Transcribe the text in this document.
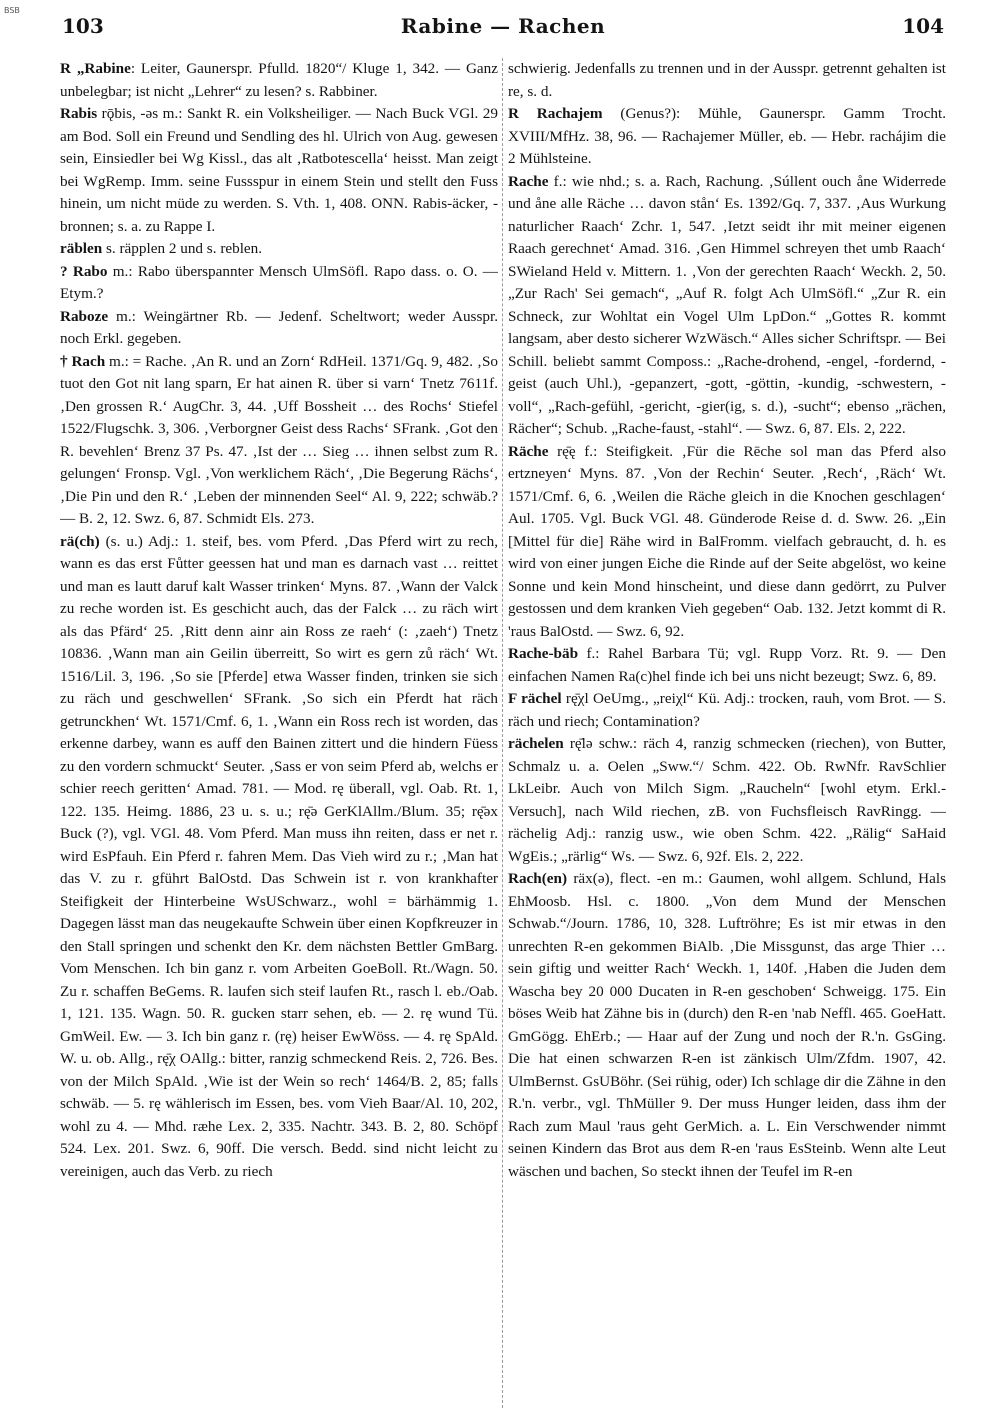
BSB
103	Rabine — Rachen	104

R „Rabine: Leiter, Gaunerspr. Pfulld. 1820“/ Kluge 1, 342. — Ganz unbelegbar; ist nicht „Lehrer“ zu lesen? s. Rabbiner.

Rabis rǭbis, -əs m.: Sankt R. ein Volksheiliger. — Nach Buck VGl. 29 am Bod. Soll ein Freund und Sendling des hl. Ulrich von Aug. gewesen sein, Einsiedler bei Wg Kissl., das alt ‚Ratbotescella‘ heisst. Man zeigt bei WgRemp. Imm. seine Fussspur in einem Stein und stellt den Fuss hinein, um nicht müde zu werden. S. Vth. 1, 408. ONN. Rabis-äcker, -bronnen; s. a. zu Rappe I.

räblen s. räpplen 2 und s. reblen.

? Rabo m.: Rabo überspannter Mensch UlmSöfl. Rapo dass. o. O. — Etym.?

Raboze m.: Weingärtner Rb. — Jedenf. Scheltwort; weder Ausspr. noch Erkl. gegeben.

† Rach m.: = Rache. ‚An R. und an Zorn‘ RdHeil. 1371/Gq. 9, 482. ‚So tuot den Got nit lang sparn, Er hat ainen R. über si varn‘ Tnetz 7611f. ‚Den grossen R.‘ AugChr. 3, 44. ‚Uff Bossheit … des Rochs‘ Stiefel 1522/Flugschk. 3, 306. ‚Verborgner Geist dess Rachs‘ SFrank. ‚Got den R. bevehlen‘ Brenz 37 Ps. 47. ‚Ist der … Sieg … ihnen selbst zum R. gelungen‘ Fronsp. Vgl. ‚Von werklichem Räch‘, ‚Die Begerung Rächs‘, ‚Die Pin und den R.‘ ‚Leben der minnenden Seel“ Al. 9, 222; schwäb.? — B. 2, 12. Swz. 6, 87. Schmidt Els. 273.

rä(ch) (s. u.) Adj.: 1. steif, bes. vom Pferd. ‚Das Pferd wirt zu rech, wann es das erst Fůtter geessen hat und man es darnach vast … reittet und man es lautt daruf kalt Wasser trinken‘ Myns. 87. ‚Wann der Valck zu reche worden ist. Es geschicht auch, das der Falck … zu räch wirt als das Pfärd‘ 25. ‚Ritt denn ainr ain Ross ze raeh‘ (: ‚zaeh‘) Tnetz 10836. ‚Wann man ain Geilin überreitt, So wirt es gern zů räch‘ Wt. 1516/Lil. 3, 196. ‚So sie [Pferde] etwa Wasser finden, trinken sie sich zu räch und geschwellen‘ SFrank. ‚So sich ein Pferdt hat räch getrunckhen‘ Wt. 1571/Cmf. 6, 1. ‚Wann ein Ross rech ist worden, das erkenne darbey, wann es auff den Bainen zittert und die hindern Füess zu den vordern schmuckt‘ Seuter. ‚Sass er von seim Pferd ab, welchs er schier reech geritten‘ Amad. 781. — Mod. rę überall, vgl. Oab. Rt. 1, 122. 135. Heimg. 1886, 23 u. s. u.; rę̄ə GerKlAllm./Blum. 35; rę̄əx Buck (?), vgl. VGl. 48. Vom Pferd. Man muss ihn reiten, dass er net r. wird EsPfauh. Ein Pferd r. fahren Mem. Das Vieh wird zu r.; ‚Man hat das V. zu r. gführt BalOstd. Das Schwein ist r. von krankhafter Steifigkeit der Hinterbeine WsUSchwarz., wohl = bärhämmig 1. Dagegen lässt man das neugekaufte Schwein über einen Kopfkreuzer in den Stall springen und schenkt den Kr. dem nächsten Bettler GmBarg. Vom Menschen. Ich bin ganz r. vom Arbeiten GoeBoll. Rt./Wagn. 50. Zu r. schaffen BeGems. R. laufen sich steif laufen Rt., rasch l. eb./Oab. 1, 121. 135. Wagn. 50. R. gucken starr sehen, eb. — 2. rę wund Tü. GmWeil. Ew. — 3. Ich bin ganz r. (rę) heiser EwWöss. — 4. rę SpAld. W. u. ob. Allg., rę̄χ OAllg.: bitter, ranzig schmeckend Reis. 2, 726. Bes. von der Milch SpAld. ‚Wie ist der Wein so rech‘ 1464/B. 2, 85; falls schwäb. — 5. rę wählerisch im Essen, bes. vom Vieh Baar/Al. 10, 202, wohl zu 4. — Mhd. ræhe Lex. 2, 335. Nachtr. 343. B. 2, 80. Schöpf 524. Lex. 201. Swz. 6, 90ff. Die versch. Bedd. sind nicht leicht zu vereinigen, auch das Verb. zu riech

schwierig. Jedenfalls zu trennen und in der Ausspr. getrennt gehalten ist re, s. d.

R Rachajem (Genus?): Mühle, Gaunerspr. Gamm Trocht. XVIII/MfHz. 38, 96. — Rachajemer Müller, eb. — Hebr. rachájim die 2 Mühlsteine.

Rache f.: wie nhd.; s. a. Rach, Rachung. ‚Súllent ouch åne Widerrede und åne alle Räche … davon stån‘ Es. 1392/Gq. 7, 337. ‚Aus Wurkung naturlicher Raach‘ Zchr. 1, 547. ‚Ietzt seidt ihr mit meiner eigenen Raach gerechnet‘ Amad. 316. ‚Gen Himmel schreyen thet umb Raach‘ SWieland Held v. Mittern. 1. ‚Von der gerechten Raach‘ Weckh. 2, 50. „Zur Rach' Sei gemach“, „Auf R. folgt Ach UlmSöfl.“ „Zur R. ein Schneck, zur Wohltat ein Vogel Ulm LpDon.“ „Gottes R. kommt langsam, aber desto sicherer WzWäsch.“ Alles sicher Schriftspr. — Bei Schill. beliebt sammt Composs.: „Rache-drohend, -engel, -fordernd, -geist (auch Uhl.), -gepanzert, -gott, -göttin, -kundig, -schwestern, -voll“, „Rach-gefühl, -gericht, -gier(ig, s. d.), -sucht“; ebenso „rächen, Rächer“; Schub. „Rache-faust, -stahl“. — Swz. 6, 87. Els. 2, 222.

Räche rę̄ę f.: Steifigkeit. ‚Für die Rēche sol man das Pferd also ertzneyen‘ Myns. 87. ‚Von der Rechin‘ Seuter. ‚Rech‘, ‚Räch‘ Wt. 1571/Cmf. 6, 6. ‚Weilen die Räche gleich in die Knochen geschlagen‘ Aul. 1705. Vgl. Buck VGl. 48. Günderode Reise d. d. Sww. 26. „Ein [Mittel für die] Rähe wird in BalFromm. vielfach gebraucht, d. h. es wird von einer jungen Eiche die Rinde auf der Seite abgelöst, wo keine Sonne und kein Mond hinscheint, und diese dann gedörrt, zu Pulver gestossen und dem kranken Vieh gegeben“ Oab. 132. Jetzt kommt di R. 'raus BalOstd. — Swz. 6, 92.

Rache-bäb f.: Rahel Barbara Tü; vgl. Rupp Vorz. Rt. 9. — Den einfachen Namen Ra(c)hel finde ich bei uns nicht bezeugt; Swz. 6, 89.

F rächel rę̄χl OeUmg., „reiχl“ Kü. Adj.: trocken, rauh, vom Brot. — S. räch und riech; Contamination?

rächelen rę̄lə schw.: räch 4, ranzig schmecken (riechen), von Butter, Schmalz u. a. Oelen „Sww.“/ Schm. 422. Ob. RwNfr. RavSchlier LkLeibr. Auch von Milch Sigm. „Raucheln“ [wohl etym. Erkl.-Versuch], nach Wild riechen, zB. von Fuchsfleisch RavRingg. — rächelig Adj.: ranzig usw., wie oben Schm. 422. „Rälig“ SaHaid WgEis.; „rärlig“ Ws. — Swz. 6, 92f. Els. 2, 222.

Rach(en) räx(ə), flect. -en m.: Gaumen, wohl allgem. Schlund, Hals EhMoosb. Hsl. c. 1800. „Von dem Mund der Menschen Schwab.“/Journ. 1786, 10, 328. Luftröhre; Es ist mir etwas in den unrechten R-en gekommen BiAlb. ‚Die Missgunst, das arge Thier … sein giftig und weitter Rach‘ Weckh. 1, 140f. ‚Haben die Juden dem Wascha bey 20 000 Ducaten in R-en geschoben‘ Schweigg. 175. Ein böses Weib hat Zähne bis in (durch) den R-en 'nab Neffl. 465. GoeHatt. GmGögg. EhErb.; — Haar auf der Zung und noch der R.'n. GsGing. Die hat einen schwarzen R-en ist zänkisch Ulm/Zfdm. 1907, 42. UlmBernst. GsUBöhr. (Sei rühig, oder) Ich schlage dir die Zähne in den R.'n. verbr., vgl. ThMüller 9. Der muss Hunger leiden, dass ihm der Rach zum Maul 'raus geht GerMich. a. L. Ein Verschwender nimmt seinen Kindern das Brot aus dem R-en 'raus EsSteinb. Wenn alte Leut wäschen und bachen, So steckt ihnen der Teufel im R-en
